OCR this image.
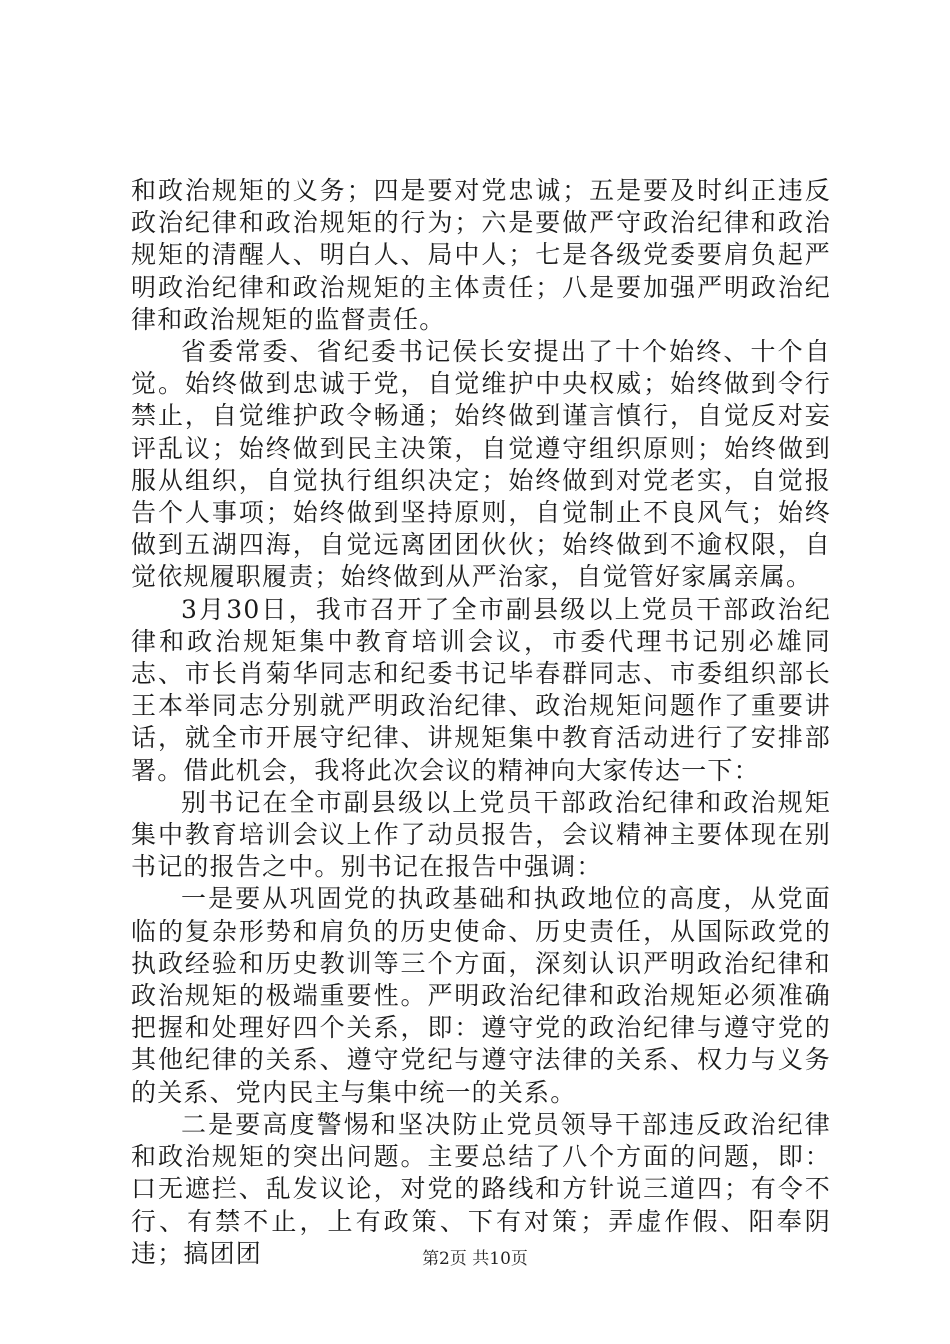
和政治规矩的义务；四是要对党忠诚；五是要及时纠正违反政治纪律和政治规矩的行为；六是要做严守政治纪律和政治规矩的清醒人、明白人、局中人；七是各级党委要肩负起严明政治纪律和政治规矩的主体责任；八是要加强严明政治纪律和政治规矩的监督责任。

省委常委、省纪委书记侯长安提出了十个始终、十个自觉。始终做到忠诚于党，自觉维护中央权威；始终做到令行禁止，自觉维护政令畅通；始终做到谨言慎行，自觉反对妄评乱议；始终做到民主决策，自觉遵守组织原则；始终做到服从组织，自觉执行组织决定；始终做到对党老实，自觉报告个人事项；始终做到坚持原则，自觉制止不良风气；始终做到五湖四海，自觉远离团团伙伙；始终做到不逾权限，自觉依规履职履责；始终做到从严治家，自觉管好家属亲属。

3月30日，我市召开了全市副县级以上党员干部政治纪律和政治规矩集中教育培训会议，市委代理书记别必雄同志、市长肖菊华同志和纪委书记毕春群同志、市委组织部长王本举同志分别就严明政治纪律、政治规矩问题作了重要讲话，就全市开展守纪律、讲规矩集中教育活动进行了安排部署。借此机会，我将此次会议的精神向大家传达一下：

别书记在全市副县级以上党员干部政治纪律和政治规矩集中教育培训会议上作了动员报告，会议精神主要体现在别书记的报告之中。别书记在报告中强调：

一是要从巩固党的执政基础和执政地位的高度，从党面临的复杂形势和肩负的历史使命、历史责任，从国际政党的执政经验和历史教训等三个方面，深刻认识严明政治纪律和政治规矩的极端重要性。严明政治纪律和政治规矩必须准确把握和处理好四个关系，即：遵守党的政治纪律与遵守党的其他纪律的关系、遵守党纪与遵守法律的关系、权力与义务的关系、党内民主与集中统一的关系。

二是要高度警惕和坚决防止党员领导干部违反政治纪律和政治规矩的突出问题。主要总结了八个方面的问题，即：口无遮拦、乱发议论，对党的路线和方针说三道四；有令不行、有禁不止，上有政策、下有对策；弄虚作假、阳奉阴违；搞团团	第2页 共10页
